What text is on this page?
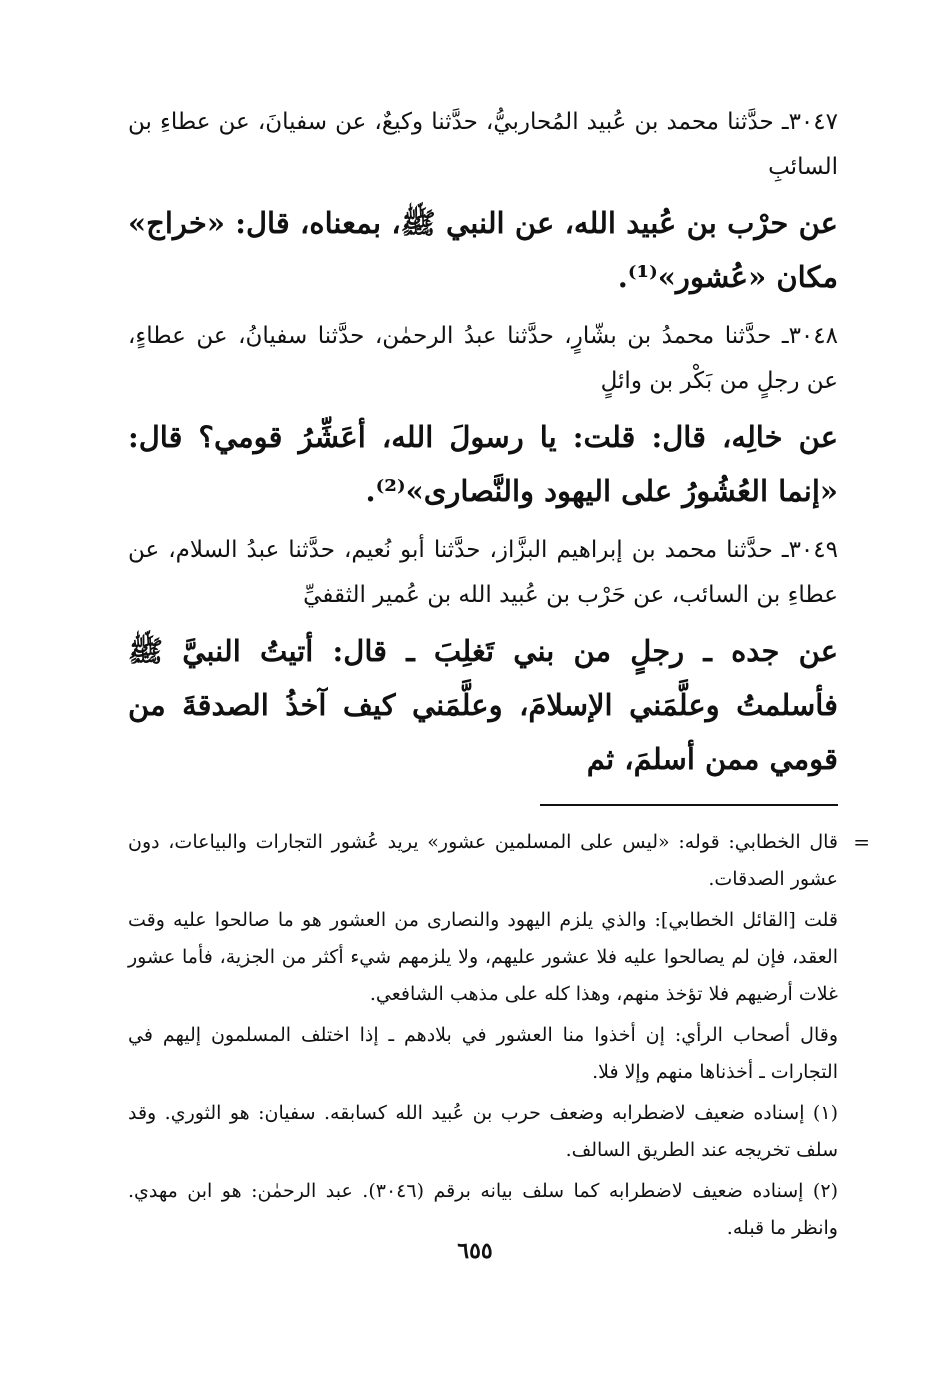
٣٠٤٧ـ حدَّثنا محمد بن عُبيد المُحاربيُّ، حدَّثنا وكيعٌ، عن سفيانَ، عن عطاءِ بن السائبِ

عن حرْب بن عُبيد الله، عن النبي ﷺ، بمعناه، قال: «خراج» مكان «عُشور»⁽¹⁾.

٣٠٤٨ـ حدَّثنا محمدُ بن بشّارٍ، حدَّثنا عبدُ الرحمٰن، حدَّثنا سفيانُ، عن عطاءٍ، عن رجلٍ من بَكْر بن وائلٍ

عن خالِه، قال: قلت: يا رسولَ الله، أعَشِّرُ قومي؟ قال: «إنما العُشُورُ على اليهود والنَّصارى»⁽²⁾.

٣٠٤٩ـ حدَّثنا محمد بن إبراهيم البزَّاز، حدَّثنا أبو نُعيم، حدَّثنا عبدُ السلام، عن عطاءِ بن السائب، عن حَرْب بن عُبيد الله بن عُمير الثقفيِّ

عن جده ـ رجلٍ من بني تَغلِبَ ـ قال: أتيتُ النبيَّ ﷺ فأسلمتُ وعلَّمَني الإسلامَ، وعلَّمَني كيف آخذُ الصدقةَ من قومي ممن أسلمَ، ثم

=
قال الخطابي: قوله: «ليس على المسلمين عشور» يريد عُشور التجارات والبياعات، دون عشور الصدقات.

قلت [القائل الخطابي]: والذي يلزم اليهود والنصارى من العشور هو ما صالحوا عليه وقت العقد، فإن لم يصالحوا عليه فلا عشور عليهم، ولا يلزمهم شيء أكثر من الجزية، فأما عشور غلات أرضيهم فلا تؤخذ منهم، وهذا كله على مذهب الشافعي.

وقال أصحاب الرأي: إن أخذوا منا العشور في بلادهم ـ إذا اختلف المسلمون إليهم في التجارات ـ أخذناها منهم وإلا فلا.

(١) إسناده ضعيف لاضطرابه وضعف حرب بن عُبيد الله كسابقه. سفيان: هو الثوري. وقد سلف تخريجه عند الطريق السالف.

(٢) إسناده ضعيف لاضطرابه كما سلف بيانه برقم (٣٠٤٦). عبد الرحمٰن: هو ابن مهدي. وانظر ما قبله.

٦٥٥
